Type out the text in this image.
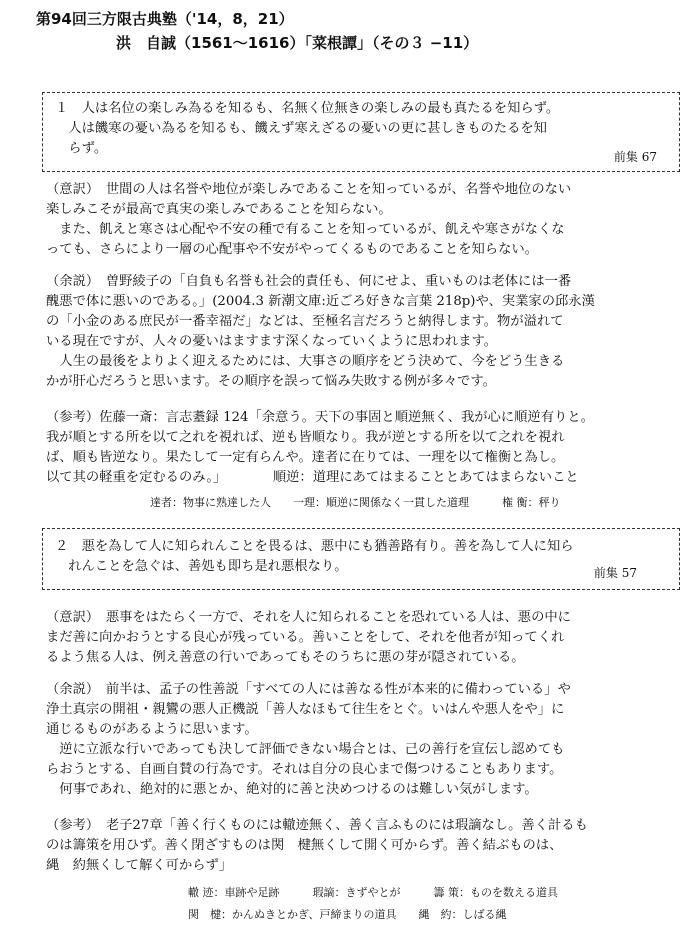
第94回三方限古典塾（'14，8，21）
洪　自誠（1561〜1616）「菜根譚」（その３ −11）

１　人は名位の楽しみ為るを知るも、名無く位無きの楽しみの最も真たるを知らず。

　人は饑寒の憂い為るを知るも、饑えず寒えざるの憂いの更に甚しきものたるを知

　らず。

前集 67

（意訳）　世間の人は名誉や地位が楽しみであることを知っているが、名誉や地位のない

楽しみこそが最高で真実の楽しみであることを知らない。

　また、飢えと寒さは心配や不安の種で有ることを知っているが、飢えや寒さがなくな

っても、さらにより一層の心配事や不安がやってくるものであることを知らない。

（余説）　曽野綾子の「自負も名誉も社会的責任も、何にせよ、重いものは老体には一番

醜悪で体に悪いのである。」(2004.3 新潮文庫:近ごろ好きな言葉 218p)や、実業家の邱永漢

の「小金のある庶民が一番幸福だ」などは、至極名言だろうと納得します。物が溢れて

いる現在ですが、人々の憂いはますます深くなっていくように思われます。

　人生の最後をよりよく迎えるためには、大事さの順序をどう決めて、今をどう生きる

かが肝心だろうと思います。その順序を誤って悩み失敗する例が多々です。

（参考）佐藤一斎：言志耋録 124「余意う。天下の事固と順逆無く、我が心に順逆有りと。

我が順とする所を以て之れを視れば、逆も皆順なり。我が逆とする所を以て之れを視れ

ば、順も皆逆なり。果たして一定有らんや。達者に在りては、一理を以て権衡と為し。

以て其の軽重を定むるのみ。」　　　　順逆：道理にあてはまることとあてはまらないこと

達者：物事に熟達した人　　一理：順逆に関係なく一貫した道理　　　権 衡：秤り

２　悪を為して人に知られんことを畏るは、悪中にも猶善路有り。善を為して人に知ら

　れんことを急ぐは、善処も即ち是れ悪根なり。	前集 57

（意訳）　悪事をはたらく一方で、それを人に知られることを恐れている人は、悪の中に

まだ善に向かおうとする良心が残っている。善いことをして、それを他者が知ってくれ

るよう焦る人は、例え善意の行いであってもそのうちに悪の芽が隠されている。

（余説）　前半は、孟子の性善説「すべての人には善なる性が本来的に備わっている」や

浄土真宗の開祖・親鸞の悪人正機説「善人なほもて往生をとぐ。いはんや悪人をや」に

通じるものがあるように思います。

　逆に立派な行いであっても決して評価できない場合とは、己の善行を宣伝し認めても

らおうとする、自画自賛の行為です。それは自分の良心まで傷つけることもあります。

　何事であれ、絶対的に悪とか、絶対的に善と決めつけるのは難しい気がします。

（参考）　老子27章「善く行くものには轍迹無く、善く言ふものには瑕謫なし。善く計るも

のは籌策を用ひず。善く閉ざすものは関　楗無くして開く可からず。善く結ぶものは、

縄　約無くして解く可からず」

轍 迹：車跡や足跡　　　瑕謫：きずやとが　　　籌 策：ものを数える道具
関　楗：かんぬきとかぎ、戸締まりの道具　　縄　約：しばる縄
